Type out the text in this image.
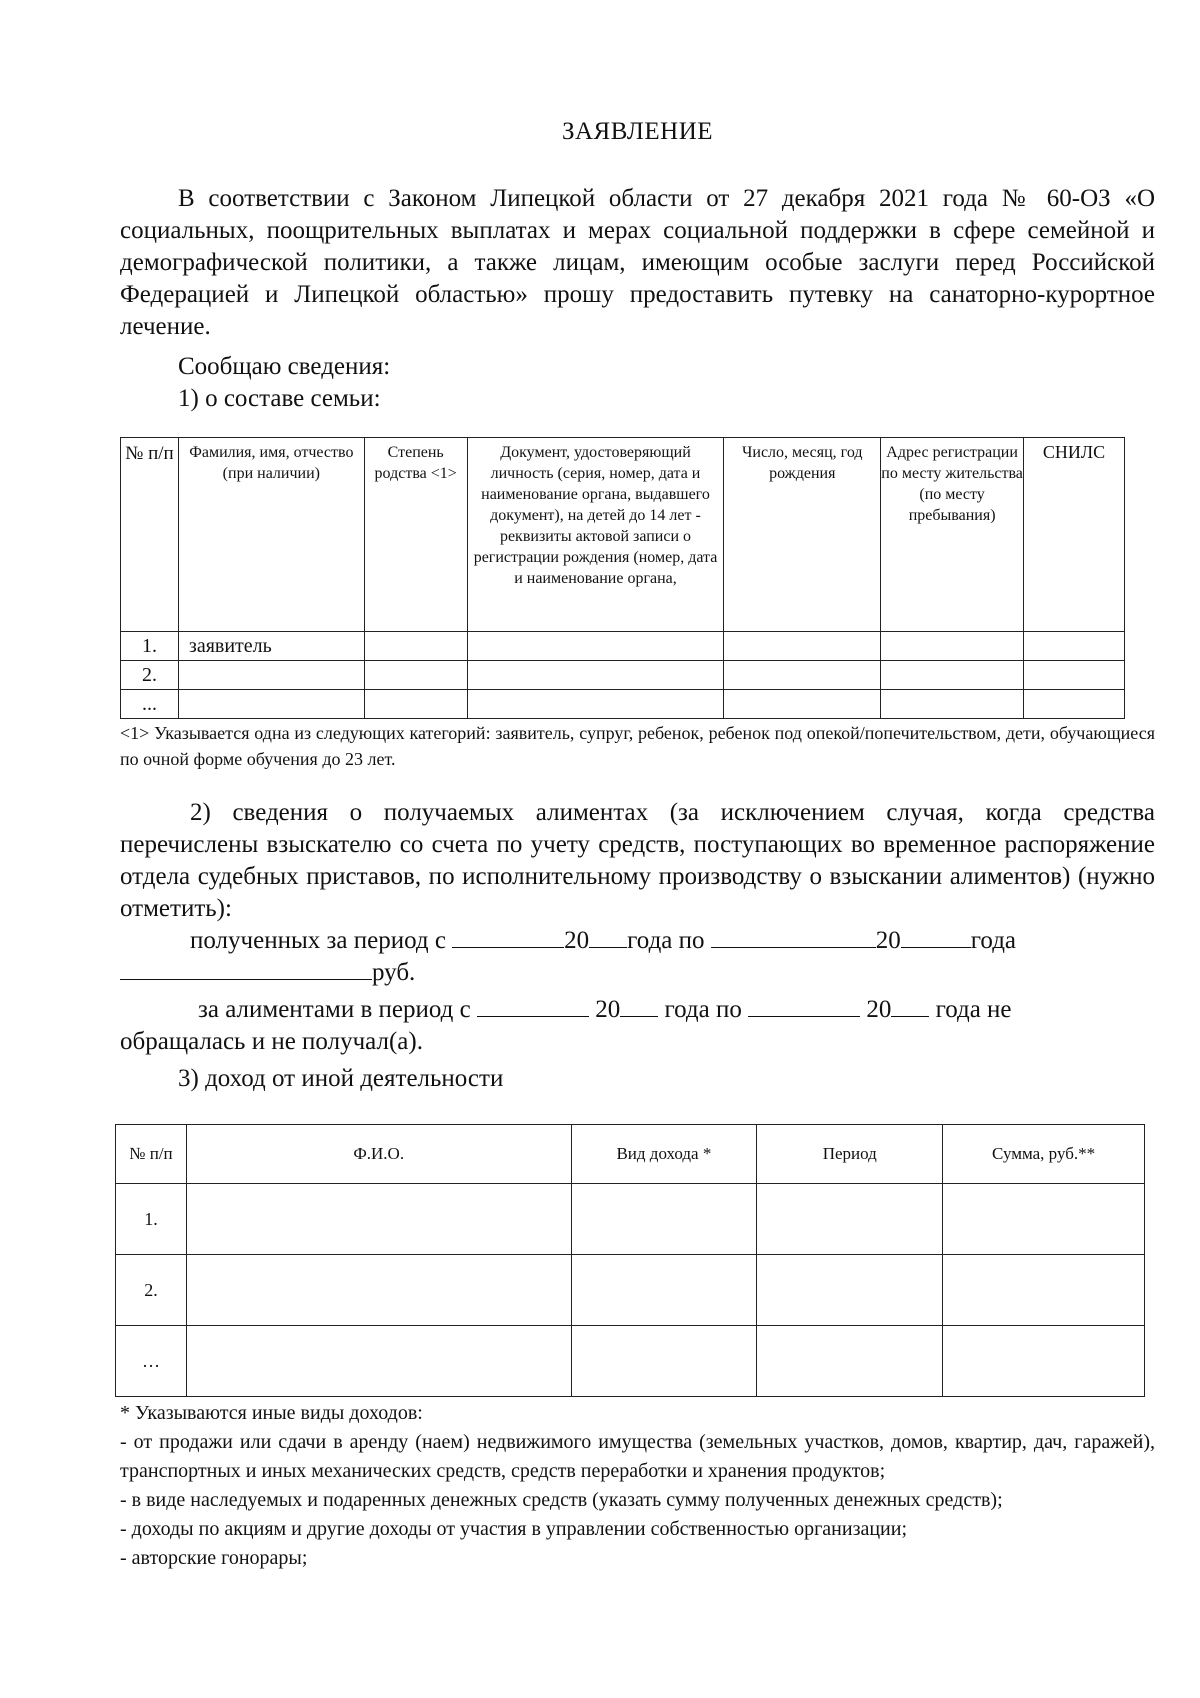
ЗАЯВЛЕНИЕ
В соответствии с Законом Липецкой области от 27 декабря 2021 года № 60-ОЗ «О социальных, поощрительных выплатах и мерах социальной поддержки в сфере семейной и демографической политики, а также лицам, имеющим особые заслуги перед Российской Федерацией и Липецкой областью» прошу предоставить путевку на санаторно-курортное лечение.
Сообщаю сведения:
1) о составе семьи:
№ п/п	Фамилия, имя, отчество (при наличии)	Степень родства <1>	Документ, удостоверяющий личность (серия, номер, дата и наименование органа, выдавшего документ), на детей до 14 лет - реквизиты актовой записи о регистрации рождения (номер, дата и наименование органа,	Число, месяц, год рождения	Адрес регистрации по месту жительства (по месту пребывания)	СНИЛС
1.	заявитель					
2.						
...						
<1> Указывается одна из следующих категорий: заявитель, супруг, ребенок, ребенок под опекой/попечительством, дети, обучающиеся по очной форме обучения до 23 лет.
2) сведения о получаемых алиментах (за исключением случая, когда средства перечислены взыскателю со счета по учету средств, поступающих во временное распоряжение отдела судебных приставов, по исполнительному производству о взыскании алиментов) (нужно отметить):
полученных за период с	20 года по	20	года
руб.
за алиментами в период с	20 года по	20 года не
обращалась и не получал(а).
3) доход от иной деятельности
№ п/п	Ф.И.О.	Вид дохода *	Период	Сумма, руб.**
1.				
2.				
…				

* Указываются иные виды доходов:

- от продажи или сдачи в аренду (наем) недвижимого имущества (земельных участков, домов, квартир, дач, гаражей), транспортных и иных механических средств, средств переработки и хранения продуктов;

- в виде наследуемых и подаренных денежных средств (указать сумму полученных денежных средств);

- доходы по акциям и другие доходы от участия в управлении собственностью организации;

- авторские гонорары;
